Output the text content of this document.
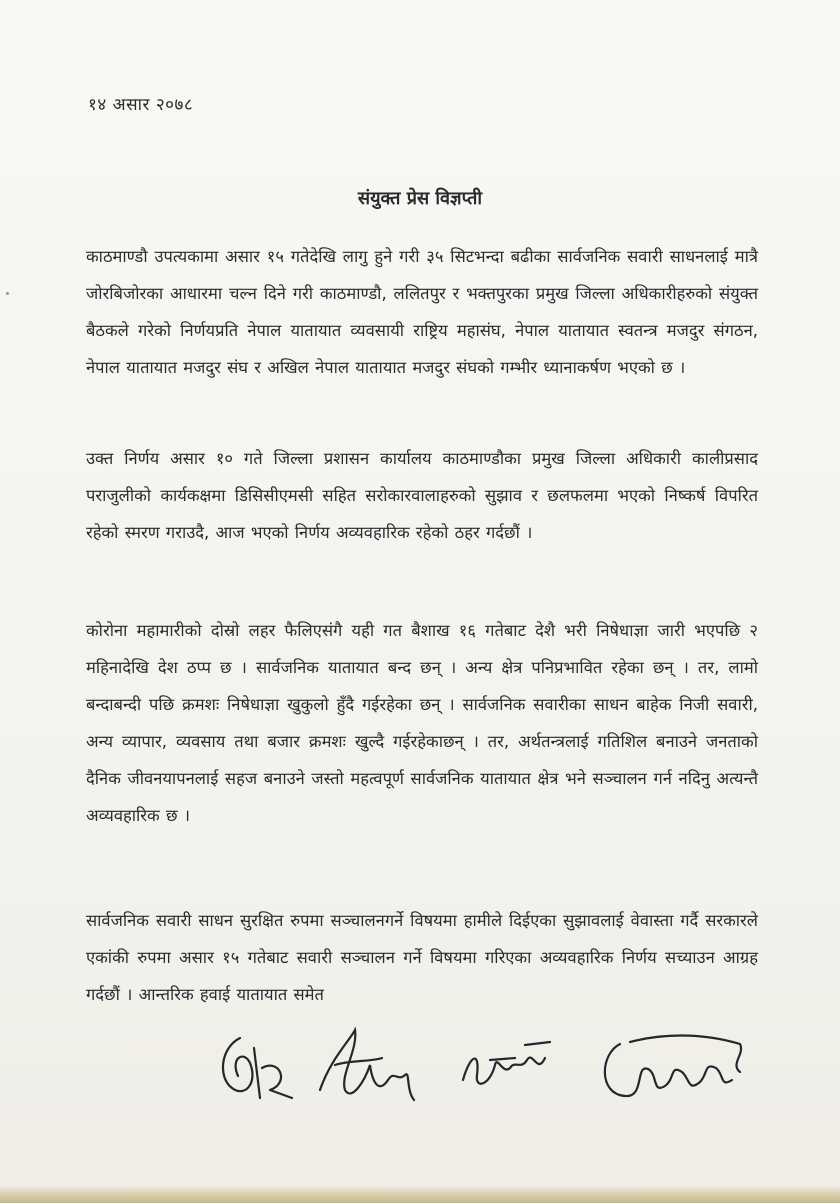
१४ असार २०७८
संयुक्त प्रेस विज्ञप्ती
काठमाण्डौ उपत्यकामा असार १५ गतेदेखि लागु हुने गरी ३५ सिटभन्दा बढीका सार्वजनिक सवारी साधनलाई मात्रै जोरबिजोरका आधारमा चल्न दिने गरी काठमाण्डौ, ललितपुर र भक्तपुरका प्रमुख जिल्ला अधिकारीहरुको संयुक्त बैठकले गरेको निर्णयप्रति नेपाल यातायात व्यवसायी राष्ट्रिय महासंघ, नेपाल यातायात स्वतन्त्र मजदुर संगठन, नेपाल यातायात मजदुर संघ र अखिल नेपाल यातायात मजदुर संघको गम्भीर ध्यानाकर्षण भएको छ ।
उक्त निर्णय असार १० गते जिल्ला प्रशासन कार्यालय काठमाण्डौका प्रमुख जिल्ला अधिकारी कालीप्रसाद पराजुलीको कार्यकक्षमा डिसिसीएमसी सहित सरोकारवालाहरुको सुझाव र छलफलमा भएको निष्कर्ष विपरित रहेको स्मरण गराउदै, आज भएको निर्णय अव्यवहारिक रहेको ठहर गर्दछौं ।
कोरोना महामारीको दोस्रो लहर फैलिएसंगै यही गत बैशाख १६ गतेबाट देशै भरी निषेधाज्ञा जारी भएपछि २ महिनादेखि देश ठप्प छ । सार्वजनिक यातायात बन्द छन् । अन्य क्षेत्र पनिप्रभावित रहेका छन् । तर, लामो बन्दाबन्दी पछि क्रमशः निषेधाज्ञा खुकुलो हुँदै गईरहेका छन् । सार्वजनिक सवारीका साधन बाहेक निजी सवारी, अन्य व्यापार, व्यवसाय तथा बजार क्रमशः खुल्दै गईरहेकाछन् । तर, अर्थतन्त्रलाई गतिशिल बनाउने जनताको दैनिक जीवनयापनलाई सहज बनाउने जस्तो महत्वपूर्ण सार्वजनिक यातायात क्षेत्र भने सञ्चालन गर्न नदिनु अत्यन्तै अव्यवहारिक छ ।
सार्वजनिक सवारी साधन सुरक्षित रुपमा सञ्चालनगर्ने विषयमा हामीले दिईएका सुझावलाई वेवास्ता गर्दै सरकारले एकांकी रुपमा असार १५ गतेबाट सवारी सञ्चालन गर्ने विषयमा गरिएका अव्यवहारिक निर्णय सच्याउन आग्रह गर्दछौं । आन्तरिक हवाई यातायात समेत
